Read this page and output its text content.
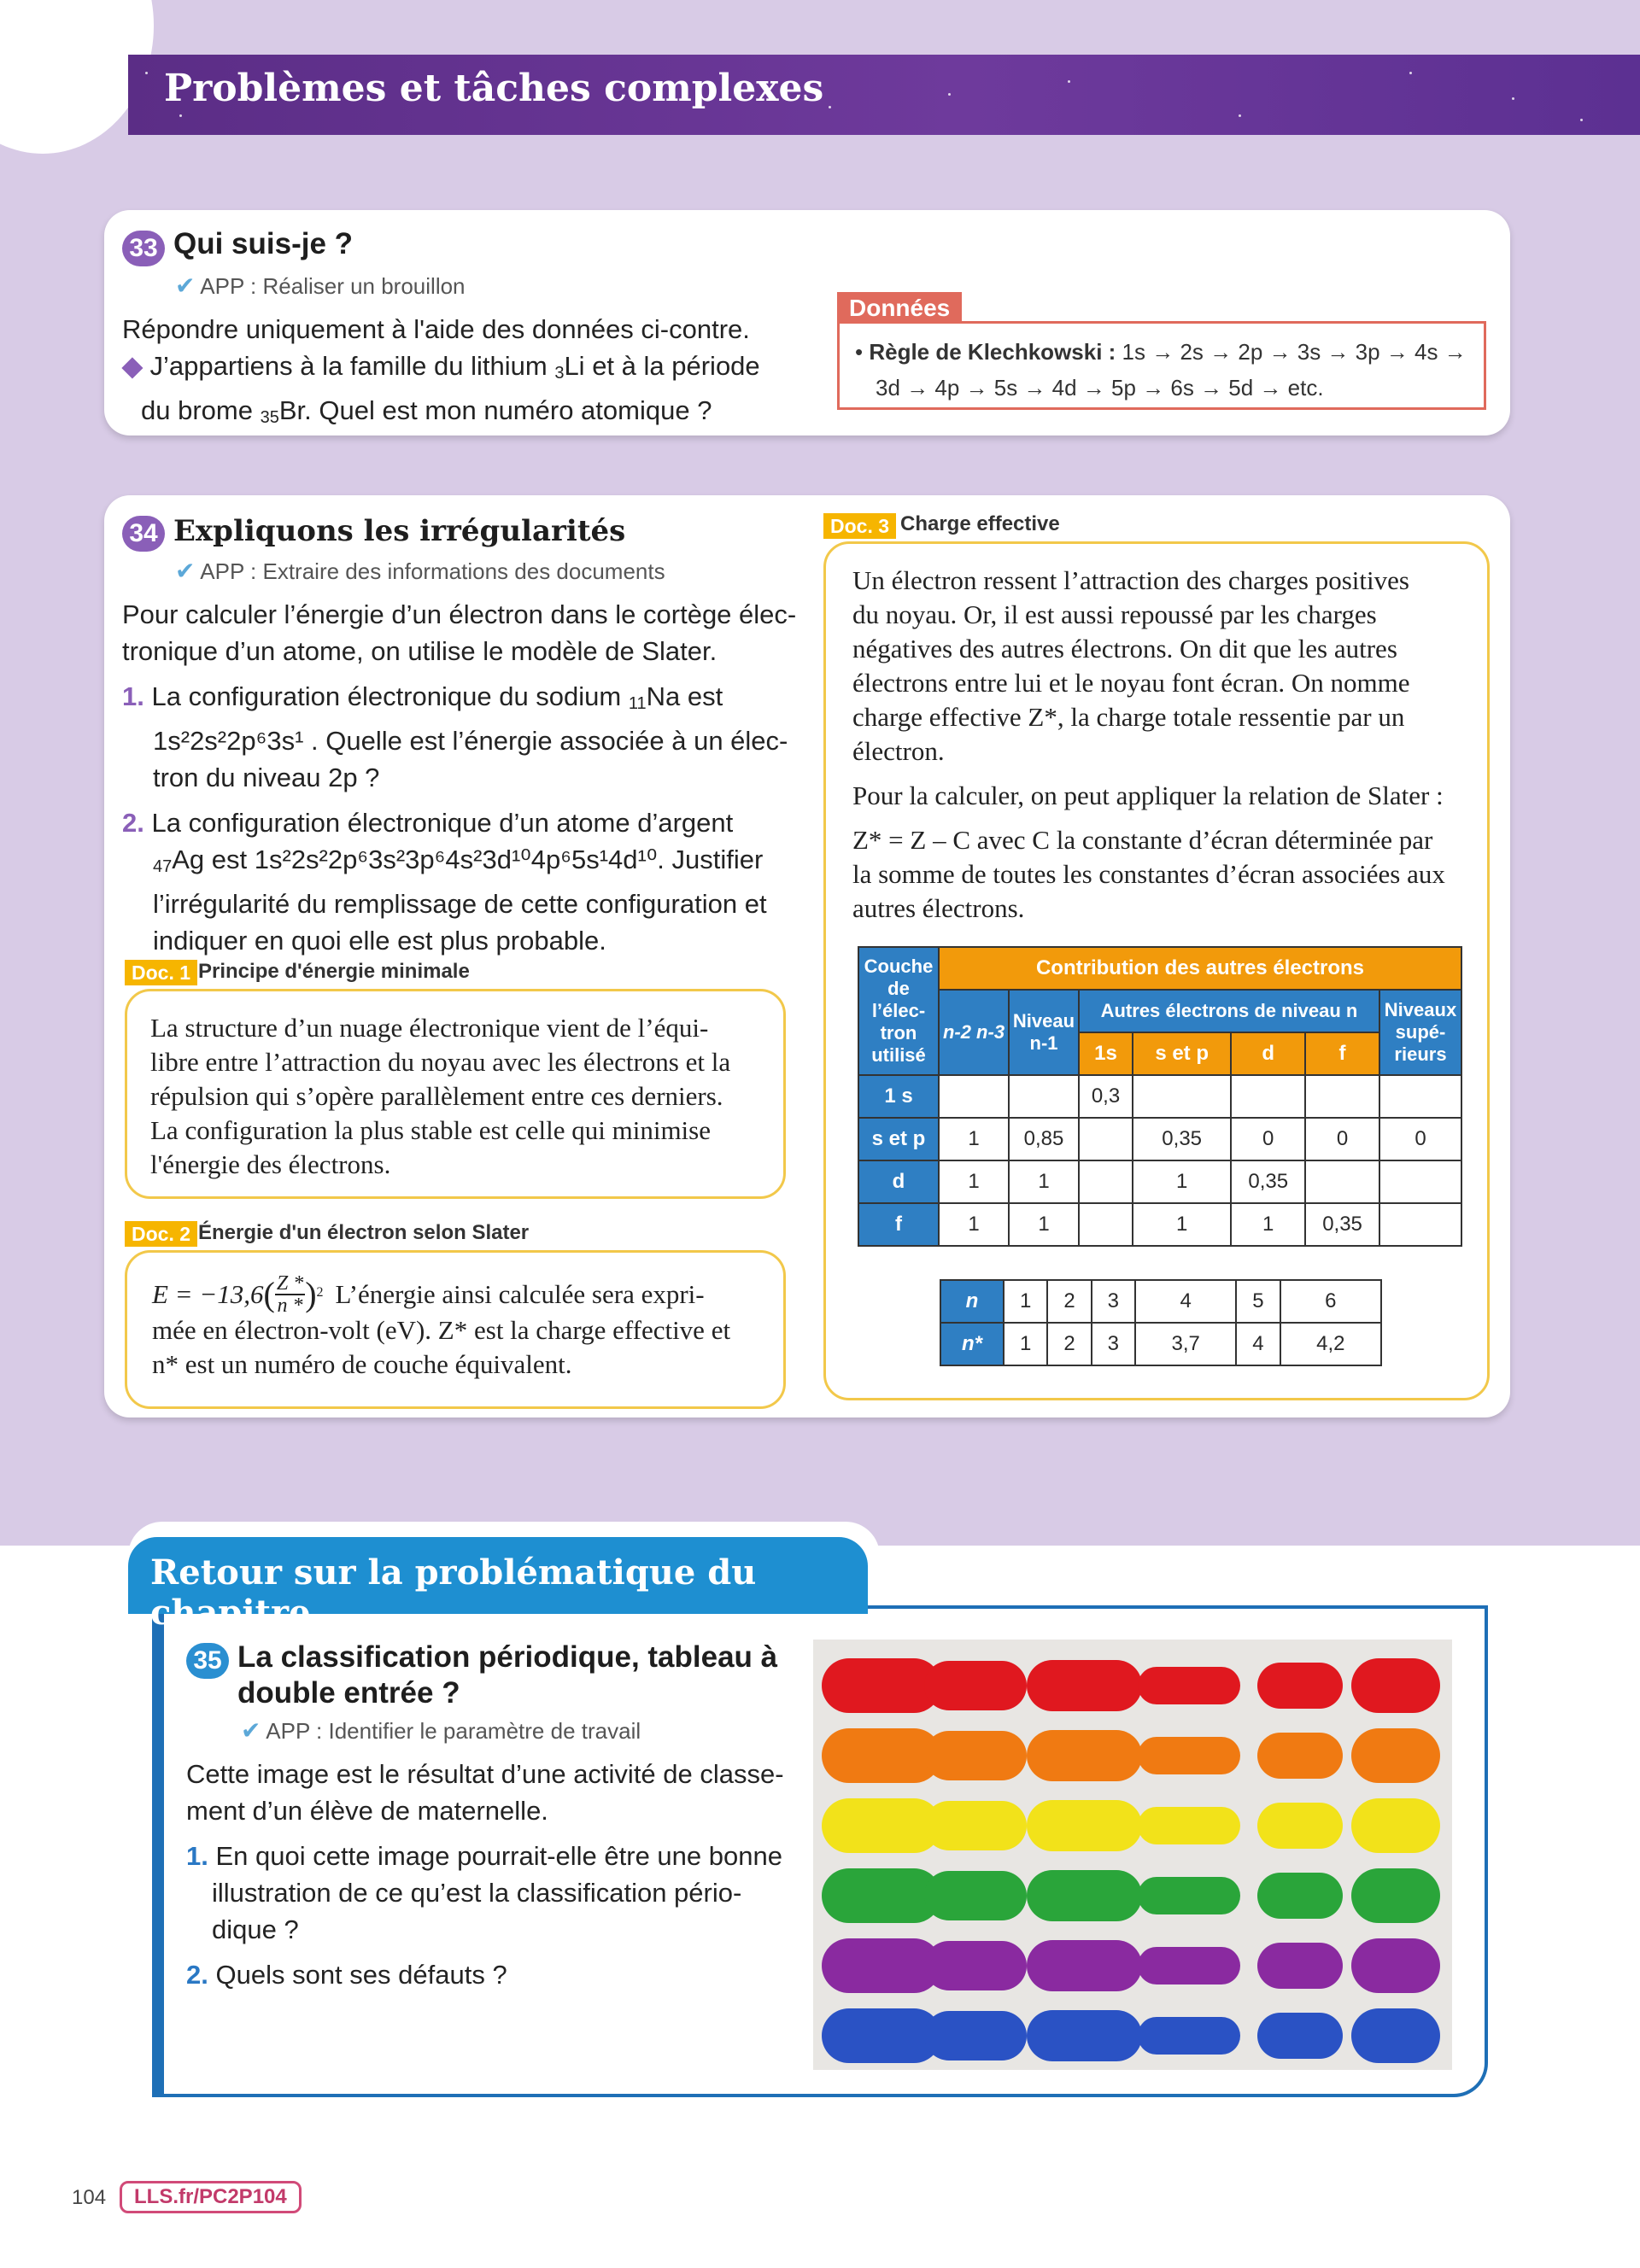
Problèmes et tâches complexes
33 Qui suis-je ?
✔ APP : Réaliser un brouillon
Répondre uniquement à l'aide des données ci-contre.
◆ J’appartiens à la famille du lithium $_3$Li et à la période
du brome $_{35}$Br. Quel est mon numéro atomique ?
Données
• Règle de Klechkowski : 1s → 2s → 2p → 3s → 3p → 4s →
3d → 4p → 5s → 4d → 5p → 6s → 5d → etc.
34 Expliquons les irrégularités
✔ APP : Extraire des informations des documents
Pour calculer l’énergie d’un électron dans le cortège élec-
tronique d’un atome, on utilise le modèle de Slater.
1. La configuration électronique du sodium $_{11}$Na est
1s²2s²2p⁶3s¹ . Quelle est l’énergie associée à un élec-
tron du niveau 2p ?
2. La configuration électronique d’un atome d’argent
$_{47}$Ag est 1s²2s²2p⁶3s²3p⁶4s²3d¹⁰4p⁶5s¹4d¹⁰. Justifier
l’irrégularité du remplissage de cette configuration et
indiquer en quoi elle est plus probable.
Doc. 1 Principe d'énergie minimale
La structure d’un nuage électronique vient de l’équi-
libre entre l’attraction du noyau avec les électrons et la
répulsion qui s’opère parallèlement entre ces derniers.
La configuration la plus stable est celle qui minimise
l'énergie des électrons.
Doc. 2 Énergie d'un électron selon Slater
E = −13,6 ( Z *
n * ) 2 L’énergie ainsi calculée sera expri-
mée en électron-volt (eV). Z* est la charge effective et
n* est un numéro de couche équivalent.
Doc. 3 Charge effective
Un électron ressent l’attraction des charges positives
du noyau. Or, il est aussi repoussé par les charges
négatives des autres électrons. On dit que les autres
électrons entre lui et le noyau font écran. On nomme
charge effective Z*, la charge totale ressentie par un
électron.
Pour la calculer, on peut appliquer la relation de Slater :
Z* = Z – C avec C la constante d’écran déterminée par
la somme de toutes les constantes d’écran associées aux
autres électrons.
Couche de l’élec-tron utilisé	Contribution des autres électrons						
	n-2 n-3	Niveau n-1	Autres électrons de niveau n				Niveaux supé-rieurs
			1s	s et p	d	f	
1 s			0,3				
s et p	1	0,85		0,35	0	0	0
d	1	1		1	0,35		
f	1	1		1	1	0,35	
n	1	2	3	4	5	6
n*	1	2	3	3,7	4	4,2
Retour sur la problématique du chapitre
35 La classification périodique, tableau à
double entrée ?
✔ APP : Identifier le paramètre de travail
Cette image est le résultat d’une activité de classe-
ment d’un élève de maternelle.
1. En quoi cette image pourrait-elle être une bonne
illustration de ce qu’est la classification pério-
dique ?
2. Quels sont ses défauts ?
104	LLS.fr/PC2P104
